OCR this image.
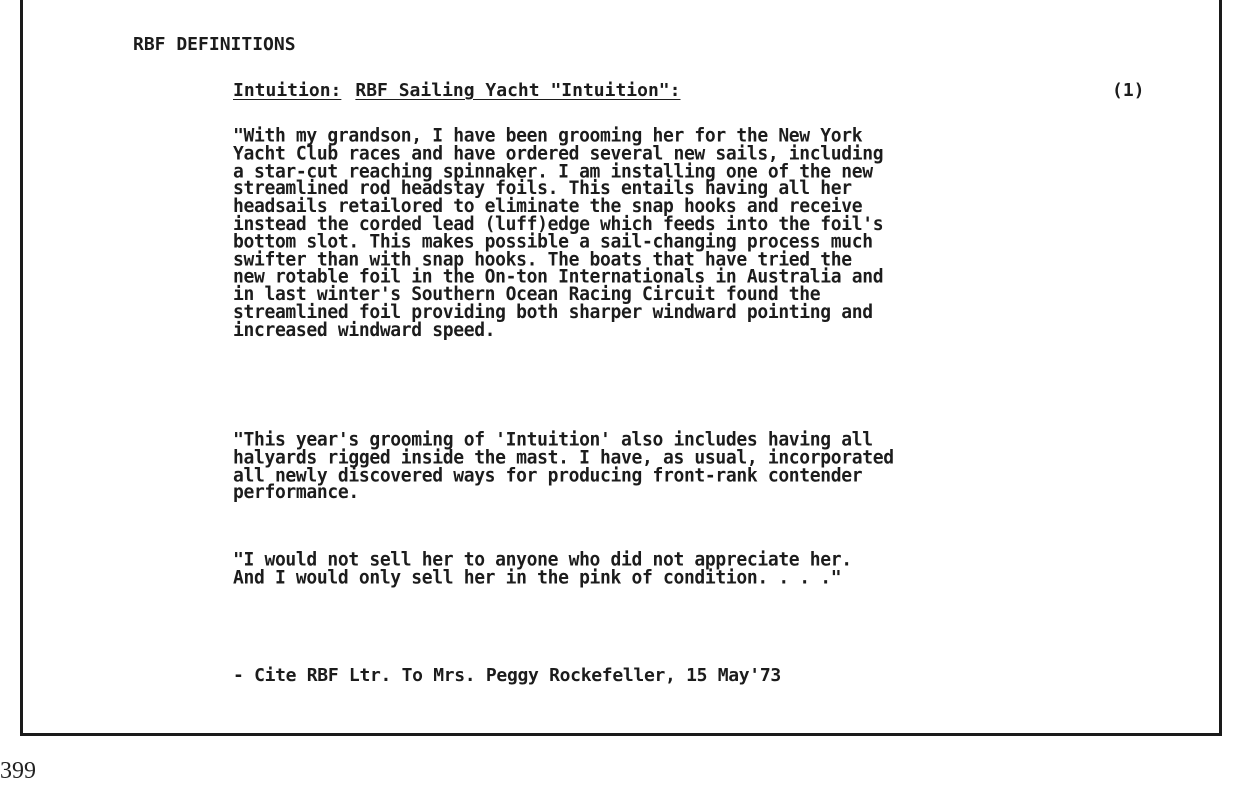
RBF DEFINITIONS
Intuition: RBF Sailing Yacht "Intuition":	(1)
"With my grandson, I have been grooming her for the New York
Yacht Club races and have ordered several new sails, including
a star-cut reaching spinnaker. I am installing one of the new
streamlined rod headstay foils. This entails having all her
headsails retailored to eliminate the snap hooks and receive
instead the corded lead (luff)edge which feeds into the foil's
bottom slot. This makes possible a sail-changing process much
swifter than with snap hooks. The boats that have tried the
new rotable foil in the On-ton Internationals in Australia and
in last winter's Southern Ocean Racing Circuit found the
streamlined foil providing both sharper windward pointing and
increased windward speed.
"This year's grooming of 'Intuition' also includes having all
halyards rigged inside the mast. I have, as usual, incorporated
all newly discovered ways for producing front-rank contender
performance.
"I would not sell her to anyone who did not appreciate her.
And I would only sell her in the pink of condition. . . ."
- Cite RBF Ltr. To Mrs. Peggy Rockefeller, 15 May'73
399
